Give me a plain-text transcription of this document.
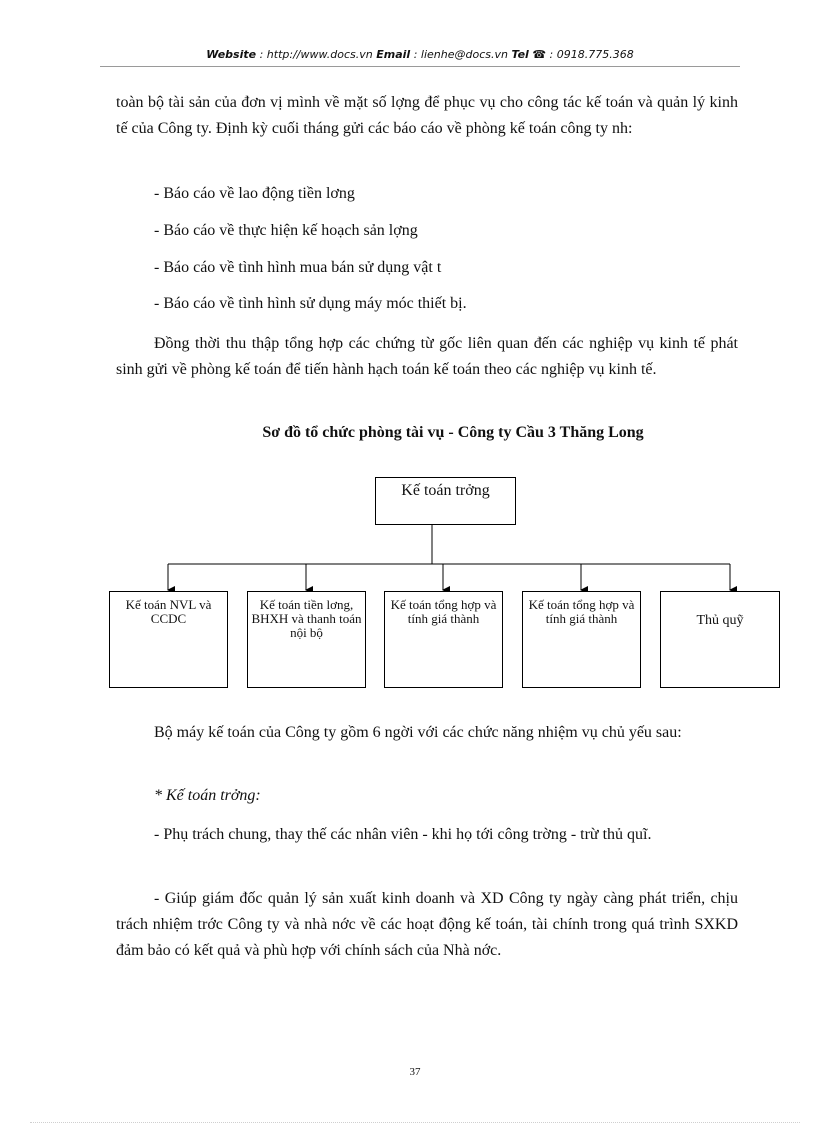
Website : http://www.docs.vn Email : lienhe@docs.vn Tel ☎ : 0918.775.368

toàn bộ tài sản của đơn vị mình về mặt số lợng để phục vụ cho công tác kế toán và quản lý kinh tế của Công ty. Định kỳ cuối tháng gửi các báo cáo về phòng kế toán công ty nh:

- Báo cáo về lao động tiền lơng

- Báo cáo về thực hiện kế hoạch sản lợng

- Báo cáo về tình hình mua bán sử dụng vật t

- Báo cáo về tình hình sử dụng máy móc thiết bị.

Đồng thời thu thập tổng hợp các chứng từ gốc liên quan đến các nghiệp vụ kinh tế phát sinh gửi về phòng kế toán để tiến hành hạch toán kế toán theo các nghiệp vụ kinh tế.

Sơ đồ tổ chức phòng tài vụ - Công ty Cầu 3 Thăng Long
Kế toán trởng
Kế toán NVL và CCDC
Kế toán tiền lơng, BHXH và thanh toán nội bộ
Kế toán tổng hợp và tính giá thành
Kế toán tổng hợp và tính giá thành	Thủ quỹ

Bộ máy kế toán của Công ty gồm 6 ngời với các chức năng nhiệm vụ chủ yếu sau:

* Kế toán trởng:

- Phụ trách chung, thay thế các nhân viên - khi họ tới công trờng - trừ thủ quĩ.

- Giúp giám đốc quản lý sản xuất kinh doanh và XD Công ty ngày càng phát triển, chịu trách nhiệm trớc Công ty và nhà nớc về các hoạt động kế toán, tài chính trong quá trình SXKD đảm bảo có kết quả và phù hợp với chính sách của Nhà nớc.

37
